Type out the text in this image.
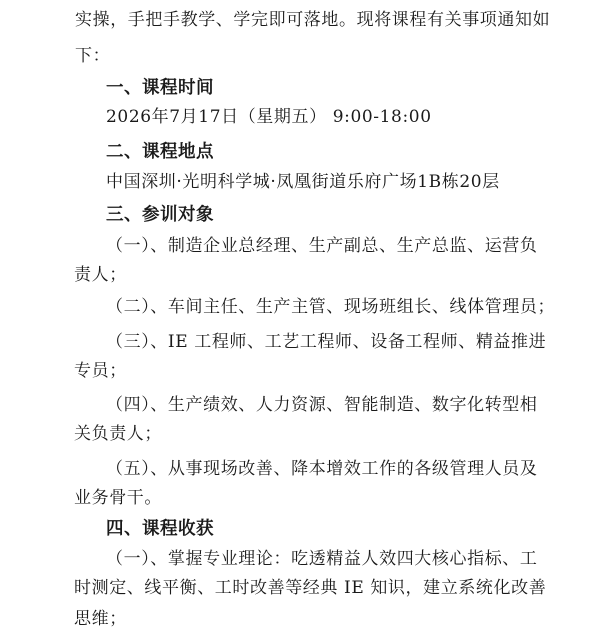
实操，手把手教学、学完即可落地。现将课程有关事项通知如
下：
一、课程时间
2026年7月17日（星期五） 9:00-18:00
二、课程地点
中国深圳·光明科学城·凤凰街道乐府广场1B栋20层
三、参训对象
（一）、制造企业总经理、生产副总、生产总监、运营负
责人；
（二）、车间主任、生产主管、现场班组长、线体管理员；
（三）、IE 工程师、工艺工程师、设备工程师、精益推进
专员；
（四）、生产绩效、人力资源、智能制造、数字化转型相
关负责人；
（五）、从事现场改善、降本增效工作的各级管理人员及
业务骨干。
四、课程收获
（一）、掌握专业理论：吃透精益人效四大核心指标、工
时测定、线平衡、工时改善等经典 IE 知识，建立系统化改善
思维；
